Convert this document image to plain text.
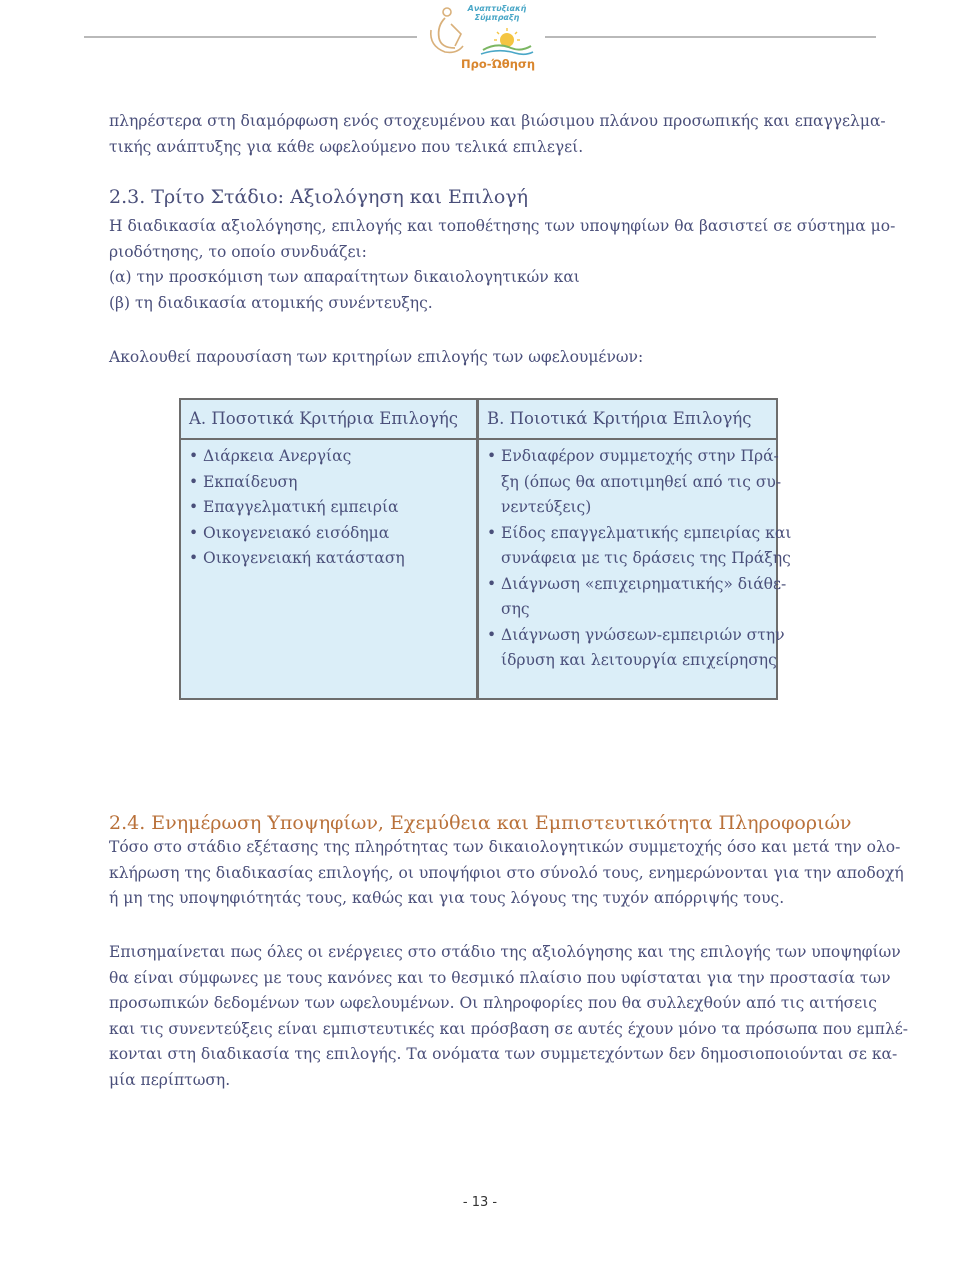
Αναπτυξιακή Σύμπραξη
Προ-Ώθηση

πληρέστερα στη διαμόρφωση ενός στοχευμένου και βιώσιμου πλάνου προσωπικής και επαγγελμα-
τικής ανάπτυξης για κάθε ωφελούμενο που τελικά επιλεγεί.

2.3. Τρίτο Στάδιο: Αξιολόγηση και Επιλογή

Η διαδικασία αξιολόγησης, επιλογής και τοποθέτησης των υποψηφίων θα βασιστεί σε σύστημα μο-
ριοδότησης, το οποίο συνδυάζει:
(α) την προσκόμιση των απαραίτητων δικαιολογητικών και
(β) τη διαδικασία ατομικής συνέντευξης.

Ακολουθεί παρουσίαση των κριτηρίων επιλογής των ωφελουμένων:

Α. Ποσοτικά Κριτήρια Επιλογής
• Διάρκεια Ανεργίας
• Εκπαίδευση
• Επαγγελματική εμπειρία
• Οικογενειακό εισόδημα
• Οικογενειακή κατάσταση
Β. Ποιοτικά Κριτήρια Επιλογής
• Ενδιαφέρον συμμετοχής στην Πρά-
ξη (όπως θα αποτιμηθεί από τις συ-
νεντεύξεις)
• Είδος επαγγελματικής εμπειρίας και
συνάφεια με τις δράσεις της Πράξης
• Διάγνωση «επιχειρηματικής» διάθε-
σης
• Διάγνωση γνώσεων-εμπειριών στην
ίδρυση και λειτουργία επιχείρησης
2.4. Ενημέρωση Υποψηφίων, Εχεμύθεια και Εμπιστευτικότητα Πληροφοριών

Τόσο στο στάδιο εξέτασης της πληρότητας των δικαιολογητικών συμμετοχής όσο και μετά την ολο-
κλήρωση της διαδικασίας επιλογής, οι υποψήφιοι στο σύνολό τους, ενημερώνονται για την αποδοχή
ή μη της υποψηφιότητάς τους, καθώς και για τους λόγους της τυχόν απόρριψής τους.

Επισημαίνεται πως όλες οι ενέργειες στο στάδιο της αξιολόγησης και της επιλογής των υποψηφίων
θα είναι σύμφωνες με τους κανόνες και το θεσμικό πλαίσιο που υφίσταται για την προστασία των
προσωπικών δεδομένων των ωφελουμένων. Οι πληροφορίες που θα συλλεχθούν από τις αιτήσεις
και τις συνεντεύξεις είναι εμπιστευτικές και πρόσβαση σε αυτές έχουν μόνο τα πρόσωπα που εμπλέ-
κονται στη διαδικασία της επιλογής. Τα ονόματα των συμμετεχόντων δεν δημοσιοποιούνται σε κα-
μία περίπτωση.

- 13 -
